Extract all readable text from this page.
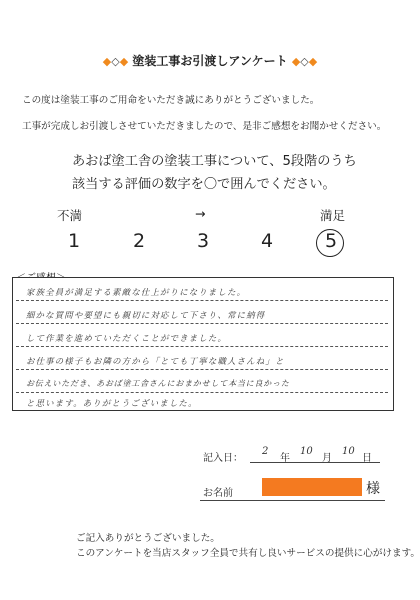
◆◇◆ 塗装工事お引渡しアンケート ◆◇◆
この度は塗装工事のご用命をいただき誠にありがとうございました。
工事が完成しお引渡しさせていただきましたので、是非ご感想をお聞かせください。
あおば塗工舎の塗装工事について、5段階のうち
該当する評価の数字を〇で囲んでください。
不満	→	満足
1	2	3	4	5
家族全員が満足する素敵な仕上がりになりました。
細かな質問や要望にも親切に対応して下さり、常に納得
して作業を進めていただくことができました。
お仕事の様子もお隣の方から「とても丁寧な職人さんね」と
お伝えいただき、あおば塗工舎さんにおまかせして本当に良かった
と思います。ありがとうございました。
記入日：
2
年
10
月
10
日
お名前	様
ご記入ありがとうございました。
このアンケートを当店スタッフ全員で共有し良いサービスの提供に心がけます。
